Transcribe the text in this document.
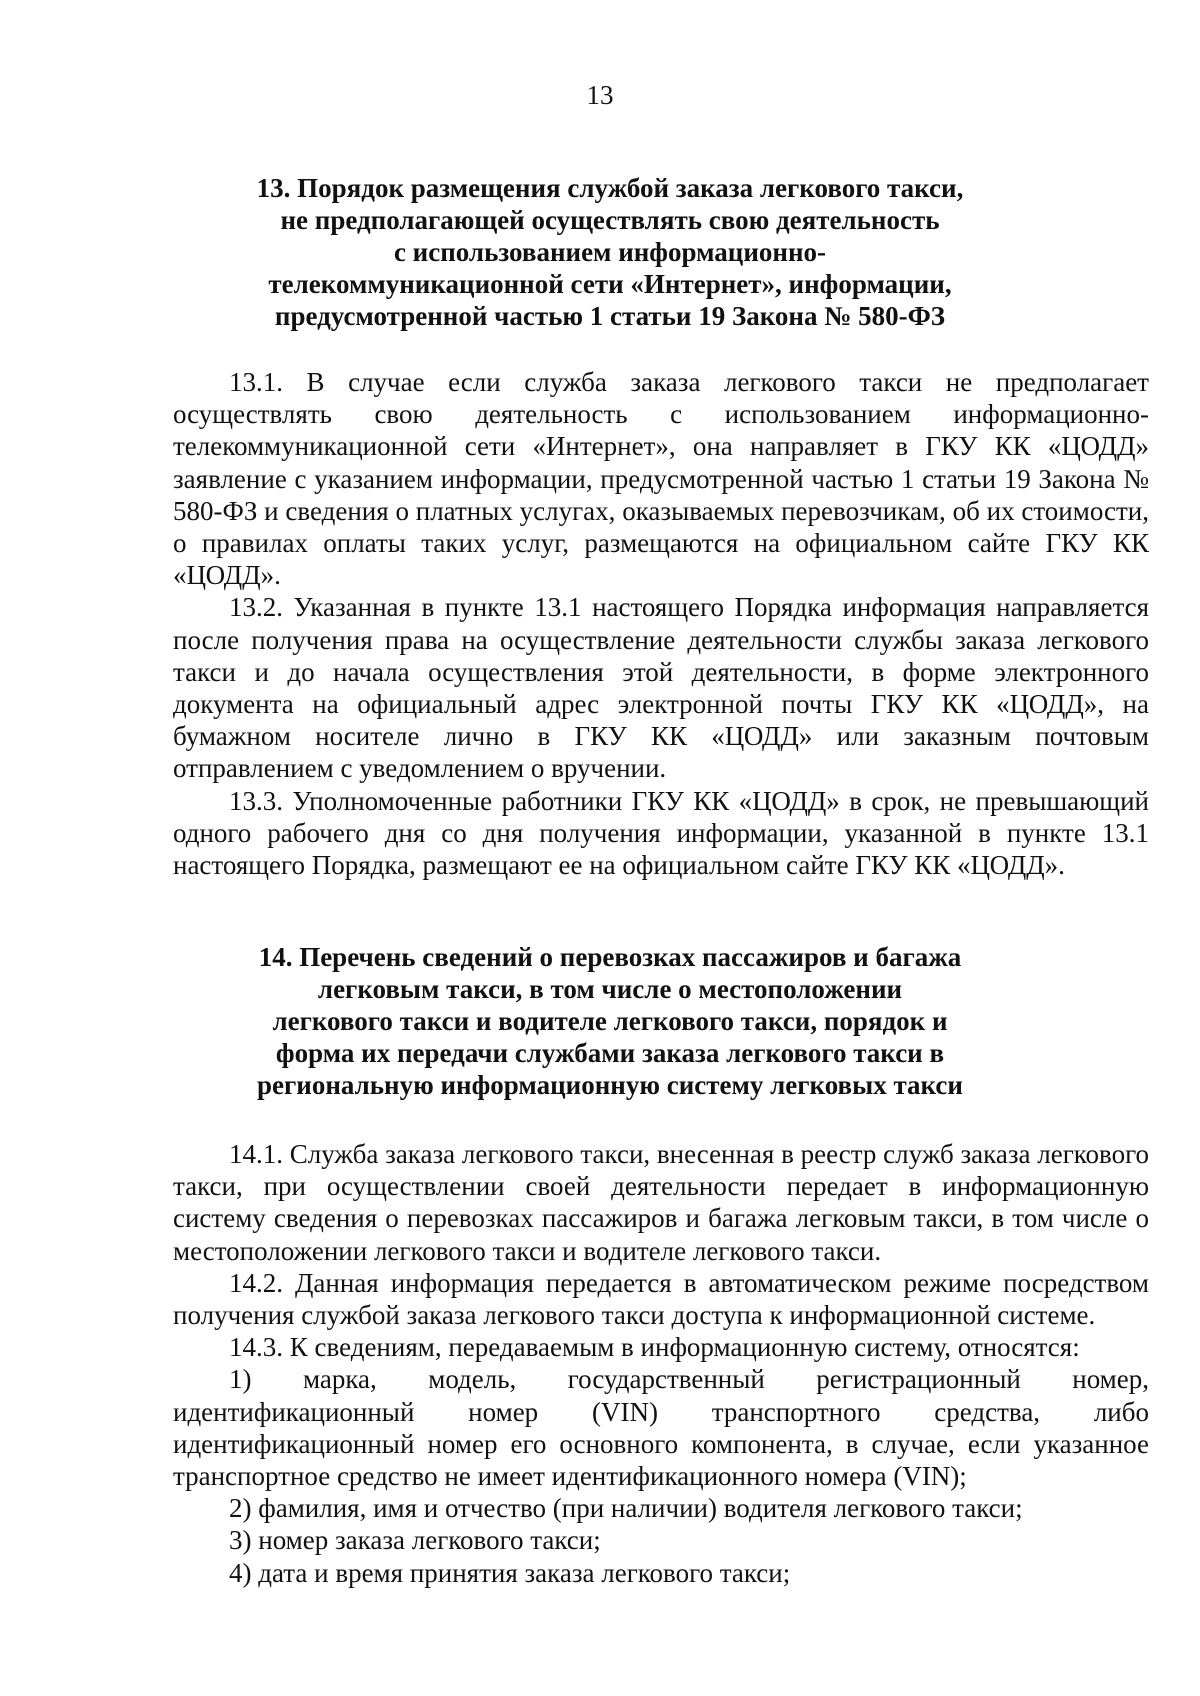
13
13. Порядок размещения службой заказа легкового такси,
не предполагающей осуществлять свою деятельность
с использованием информационно-
телекоммуникационной сети «Интернет», информации,
предусмотренной частью 1 статьи 19 Закона № 580-ФЗ

13.1. В случае если служба заказа легкового такси не предполагает осуществлять свою деятельность с использованием информационно-телекоммуникационной сети «Интернет», она направляет в ГКУ КК «ЦОДД» заявление с указанием информации, предусмотренной частью 1 статьи 19 Закона № 580-ФЗ и сведения о платных услугах, оказываемых перевозчикам, об их стоимости, о правилах оплаты таких услуг, размещаются на официальном сайте ГКУ КК «ЦОДД».

13.2. Указанная в пункте 13.1 настоящего Порядка информация направляется после получения права на осуществление деятельности службы заказа легкового такси и до начала осуществления этой деятельности, в форме электронного документа на официальный адрес электронной почты ГКУ КК «ЦОДД», на бумажном носителе лично в ГКУ КК «ЦОДД» или заказным почтовым отправлением с уведомлением о вручении.

13.3. Уполномоченные работники ГКУ КК «ЦОДД» в срок, не превышающий одного рабочего дня со дня получения информации, указанной в пункте 13.1 настоящего Порядка, размещают ее на официальном сайте ГКУ КК «ЦОДД».

14. Перечень сведений о перевозках пассажиров и багажа
легковым такси, в том числе о местоположении
легкового такси и водителе легкового такси, порядок и
форма их передачи службами заказа легкового такси в
региональную информационную систему легковых такси

14.1. Служба заказа легкового такси, внесенная в реестр служб заказа легкового такси, при осуществлении своей деятельности передает в информационную систему сведения о перевозках пассажиров и багажа легковым такси, в том числе о местоположении легкового такси и водителе легкового такси.

14.2. Данная информация передается в автоматическом режиме посредством получения службой заказа легкового такси доступа к информационной системе.

14.3. К сведениям, передаваемым в информационную систему, относятся:

1) марка, модель, государственный регистрационный номер, идентификационный номер (VIN) транспортного средства, либо идентификационный номер его основного компонента, в случае, если указанное транспортное средство не имеет идентификационного номера (VIN);

2) фамилия, имя и отчество (при наличии) водителя легкового такси;

3) номер заказа легкового такси;

4) дата и время принятия заказа легкового такси;
